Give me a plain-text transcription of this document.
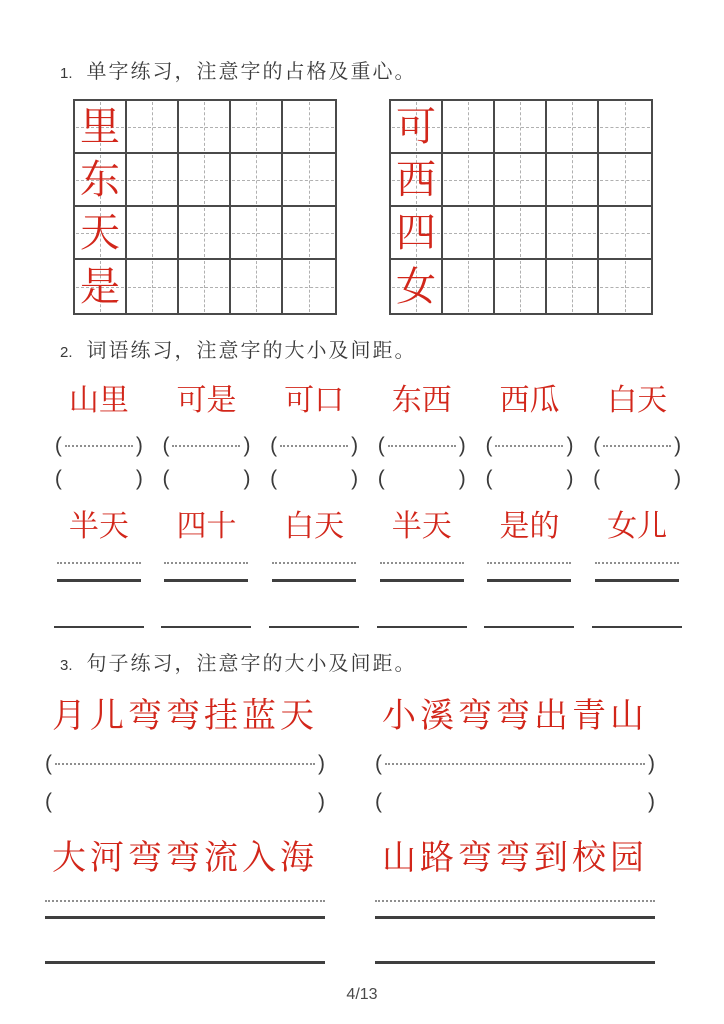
1. 单字练习，注意字的占格及重心。
里
东
天
是
可
西
四
女
2. 词语练习，注意字的大小及间距。
山里 可是 可口 东西 西瓜 白天
(	) (	) (	) (	) (	) (	)
(	) (	) (	) (	) (	) (	)
半天 四十 白天 半天 是的 女儿
3. 句子练习，注意字的大小及间距。
月儿弯弯挂蓝天 小溪弯弯出青山
(	) (	)
(	) (	)
大河弯弯流入海 山路弯弯到校园
4/13
